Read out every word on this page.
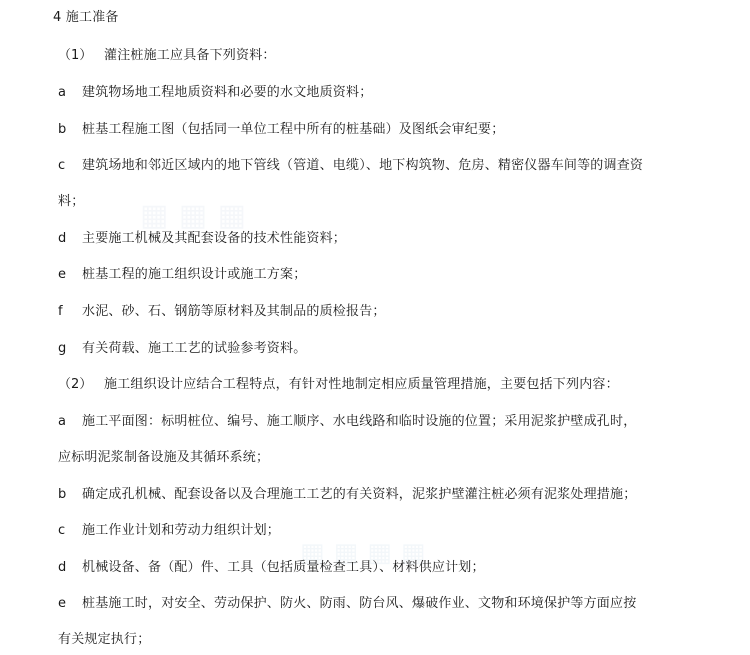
▦ ▦ ▦
▦ ▦ ▦ ▦
4 施工准备
（1） 灌注桩施工应具备下列资料：
a 建筑物场地工程地质资料和必要的水文地质资料；
b 桩基工程施工图（包括同一单位工程中所有的桩基础）及图纸会审纪要；
c 建筑场地和邻近区域内的地下管线（管道、电缆）、地下构筑物、危房、精密仪器车间等的调查资
料；
d 主要施工机械及其配套设备的技术性能资料；
e 桩基工程的施工组织设计或施工方案；
f 水泥、砂、石、钢筋等原材料及其制品的质检报告；
g 有关荷载、施工工艺的试验参考资料。
（2） 施工组织设计应结合工程特点，有针对性地制定相应质量管理措施，主要包括下列内容：
a 施工平面图：标明桩位、编号、施工顺序、水电线路和临时设施的位置；采用泥浆护壁成孔时，
应标明泥浆制备设施及其循环系统；
b 确定成孔机械、配套设备以及合理施工工艺的有关资料，泥浆护壁灌注桩必须有泥浆处理措施；
c 施工作业计划和劳动力组织计划；
d 机械设备、备（配）件、工具（包括质量检查工具）、材料供应计划；
e 桩基施工时，对安全、劳动保护、防火、防雨、防台风、爆破作业、文物和环境保护等方面应按
有关规定执行；
